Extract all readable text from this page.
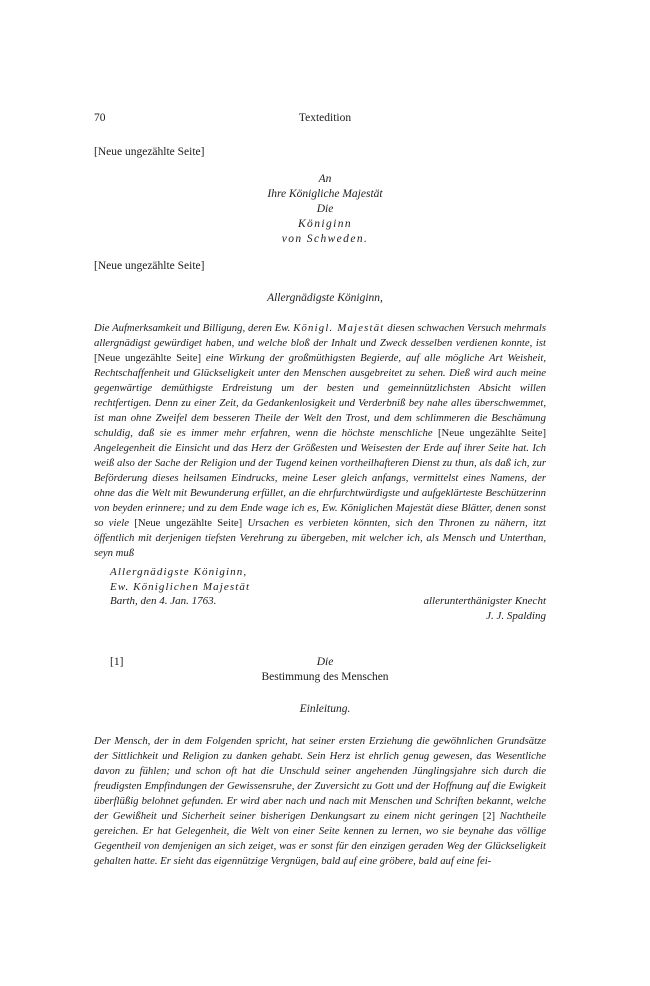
70	Textedition
[Neue ungezählte Seite]
An
Ihre Königliche Majestät
Die
Königinn
von Schweden.
[Neue ungezählte Seite]
Allergnädigste Königinn,
Die Aufmerksamkeit und Billigung, deren Ew. Königl. Majestät diesen schwachen Versuch mehrmals allergnädigst gewürdiget haben, und welche bloß der Inhalt und Zweck desselben verdienen konnte, ist [Neue ungezählte Seite] eine Wirkung der großmüthigsten Begierde, auf alle mögliche Art Weisheit, Rechtschaffenheit und Glückseligkeit unter den Menschen ausgebreitet zu sehen. Dieß wird auch meine gegenwärtige demüthigste Erdreistung um der besten und gemeinnützlichsten Absicht willen rechtfertigen. Denn zu einer Zeit, da Gedankenlosigkeit und Verderbniß bey nahe alles überschwemmet, ist man ohne Zweifel dem besseren Theile der Welt den Trost, und dem schlimmeren die Beschämung schuldig, daß sie es immer mehr erfahren, wenn die höchste menschliche [Neue ungezählte Seite] Angelegenheit die Einsicht und das Herz der Größesten und Weisesten der Erde auf ihrer Seite hat. Ich weiß also der Sache der Religion und der Tugend keinen vortheilhafteren Dienst zu thun, als daß ich, zur Beförderung dieses heilsamen Eindrucks, meine Leser gleich anfangs, vermittelst eines Namens, der ohne das die Welt mit Bewunderung erfüllet, an die ehrfurchtwürdigste und aufgeklärteste Beschützerinn von beyden erinnere; und zu dem Ende wage ich es, Ew. Königlichen Majestät diese Blätter, denen sonst so viele [Neue ungezählte Seite] Ursachen es verbieten könnten, sich den Thronen zu nähern, itzt öffentlich mit derjenigen tiefsten Verehrung zu übergeben, mit welcher ich, als Mensch und Unterthan, seyn muß
Allergnädigste Königinn,
Ew. Königlichen Majestät
Barth, den 4. Jan. 1763.	allerunterthänigster Knecht
J. J. Spalding
[1]	Die
Bestimmung des Menschen
Einleitung.
Der Mensch, der in dem Folgenden spricht, hat seiner ersten Erziehung die gewöhnlichen Grundsätze der Sittlichkeit und Religion zu danken gehabt. Sein Herz ist ehrlich genug gewesen, das Wesentliche davon zu fühlen; und schon oft hat die Unschuld seiner angehenden Jünglingsjahre sich durch die freudigsten Empfindungen der Gewissensruhe, der Zuversicht zu Gott und der Hoffnung auf die Ewigkeit überflüßig belohnet gefunden. Er wird aber nach und nach mit Menschen und Schriften bekannt, welche der Gewißheit und Sicherheit seiner bisherigen Denkungsart zu einem nicht geringen [2] Nachtheile gereichen. Er hat Gelegenheit, die Welt von einer Seite kennen zu lernen, wo sie beynahe das völlige Gegentheil von demjenigen an sich zeiget, was er sonst für den einzigen geraden Weg der Glückseligkeit gehalten hatte. Er sieht das eigennützige Vergnügen, bald auf eine gröbere, bald auf eine fei-
